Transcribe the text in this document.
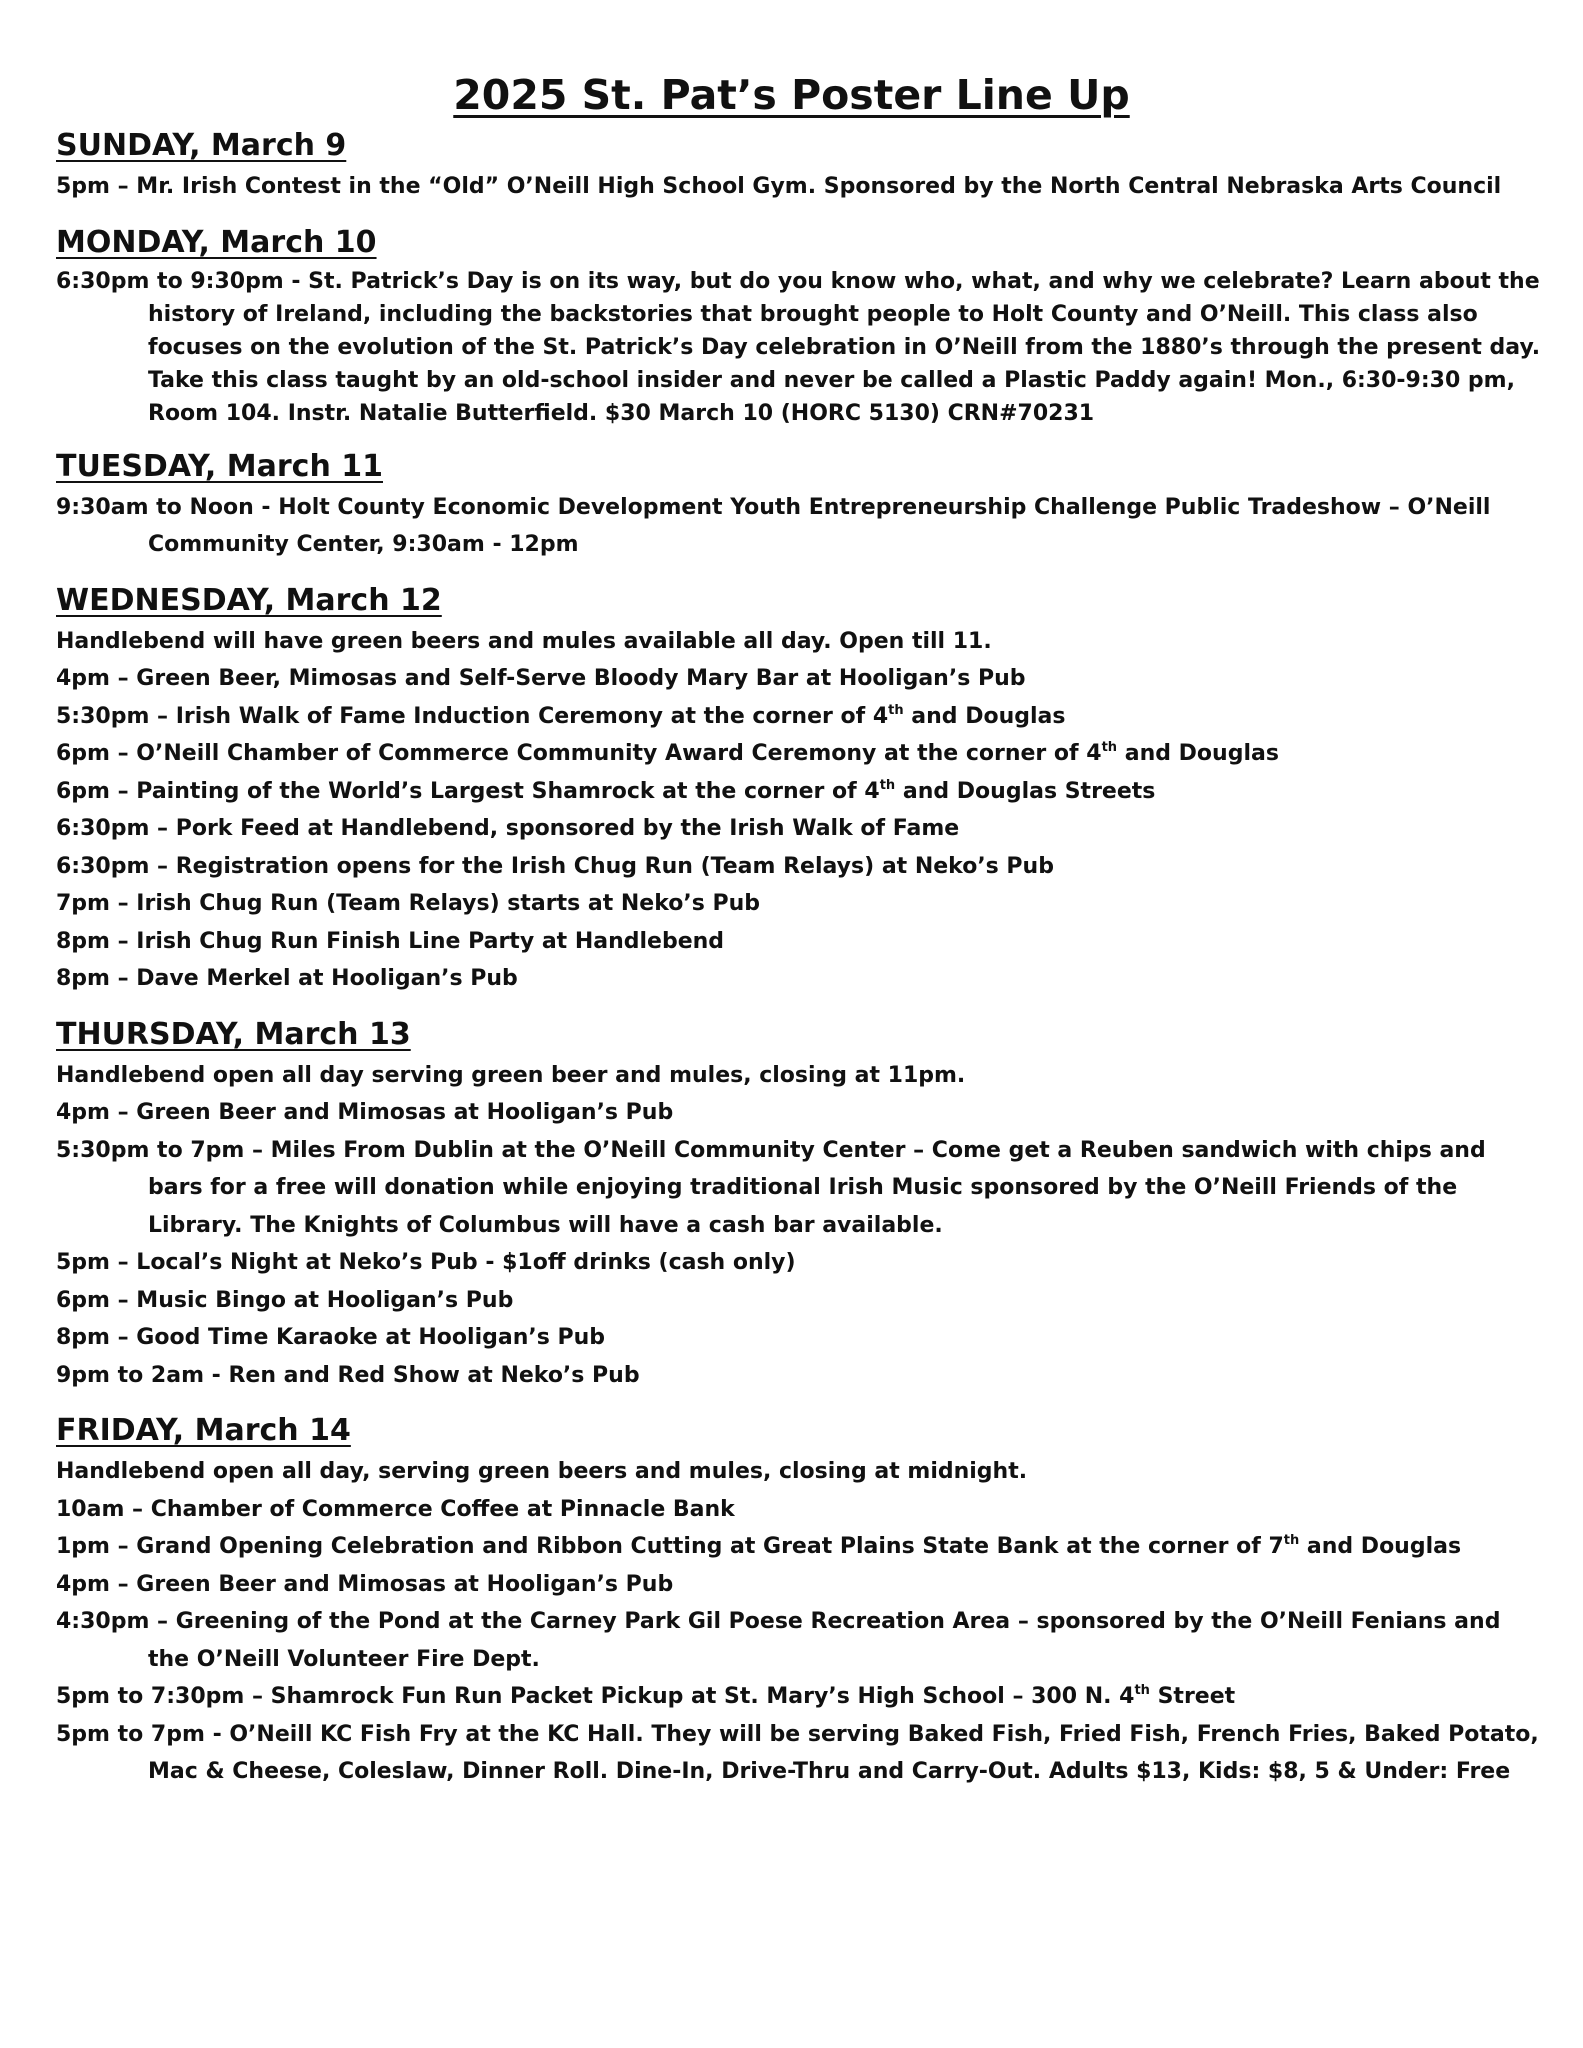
2025 St. Pat’s Poster Line Up
SUNDAY, March 9
5pm – Mr. Irish Contest in the “Old” O’Neill High School Gym. Sponsored by the North Central Nebraska Arts Council
MONDAY, March 10
6:30pm to 9:30pm - St. Patrick’s Day is on its way, but do you know who, what, and why we celebrate? Learn about the history of Ireland, including the backstories that brought people to Holt County and O’Neill. This class also focuses on the evolution of the St. Patrick’s Day celebration in O’Neill from the 1880’s through the present day. Take this class taught by an old-school insider and never be called a Plastic Paddy again! Mon., 6:30-9:30 pm, Room 104. Instr. Natalie Butterfield. $30 March 10 (HORC 5130) CRN#70231
TUESDAY, March 11
9:30am to Noon - Holt County Economic Development Youth Entrepreneurship Challenge Public Tradeshow – O’Neill Community Center, 9:30am - 12pm
WEDNESDAY, March 12
Handlebend will have green beers and mules available all day. Open till 11.
4pm – Green Beer, Mimosas and Self-Serve Bloody Mary Bar at Hooligan’s Pub
5:30pm – Irish Walk of Fame Induction Ceremony at the corner of 4th and Douglas
6pm – O’Neill Chamber of Commerce Community Award Ceremony at the corner of 4th and Douglas
6pm – Painting of the World’s Largest Shamrock at the corner of 4th and Douglas Streets
6:30pm – Pork Feed at Handlebend, sponsored by the Irish Walk of Fame
6:30pm – Registration opens for the Irish Chug Run (Team Relays) at Neko’s Pub
7pm – Irish Chug Run (Team Relays) starts at Neko’s Pub
8pm – Irish Chug Run Finish Line Party at Handlebend
8pm – Dave Merkel at Hooligan’s Pub
THURSDAY, March 13
Handlebend open all day serving green beer and mules, closing at 11pm.
4pm – Green Beer and Mimosas at Hooligan’s Pub
5:30pm to 7pm – Miles From Dublin at the O’Neill Community Center – Come get a Reuben sandwich with chips and bars for a free will donation while enjoying traditional Irish Music sponsored by the O’Neill Friends of the Library. The Knights of Columbus will have a cash bar available.
5pm – Local’s Night at Neko’s Pub - $1off drinks (cash only)
6pm – Music Bingo at Hooligan’s Pub
8pm – Good Time Karaoke at Hooligan’s Pub
9pm to 2am - Ren and Red Show at Neko’s Pub
FRIDAY, March 14
Handlebend open all day, serving green beers and mules, closing at midnight.
10am – Chamber of Commerce Coffee at Pinnacle Bank
1pm – Grand Opening Celebration and Ribbon Cutting at Great Plains State Bank at the corner of 7th and Douglas
4pm – Green Beer and Mimosas at Hooligan’s Pub
4:30pm – Greening of the Pond at the Carney Park Gil Poese Recreation Area – sponsored by the O’Neill Fenians and the O’Neill Volunteer Fire Dept.
5pm to 7:30pm – Shamrock Fun Run Packet Pickup at St. Mary’s High School – 300 N. 4th Street
5pm to 7pm - O’Neill KC Fish Fry at the KC Hall. They will be serving Baked Fish, Fried Fish, French Fries, Baked Potato, Mac & Cheese, Coleslaw, Dinner Roll. Dine-In, Drive-Thru and Carry-Out. Adults $13, Kids: $8, 5 & Under: Free
